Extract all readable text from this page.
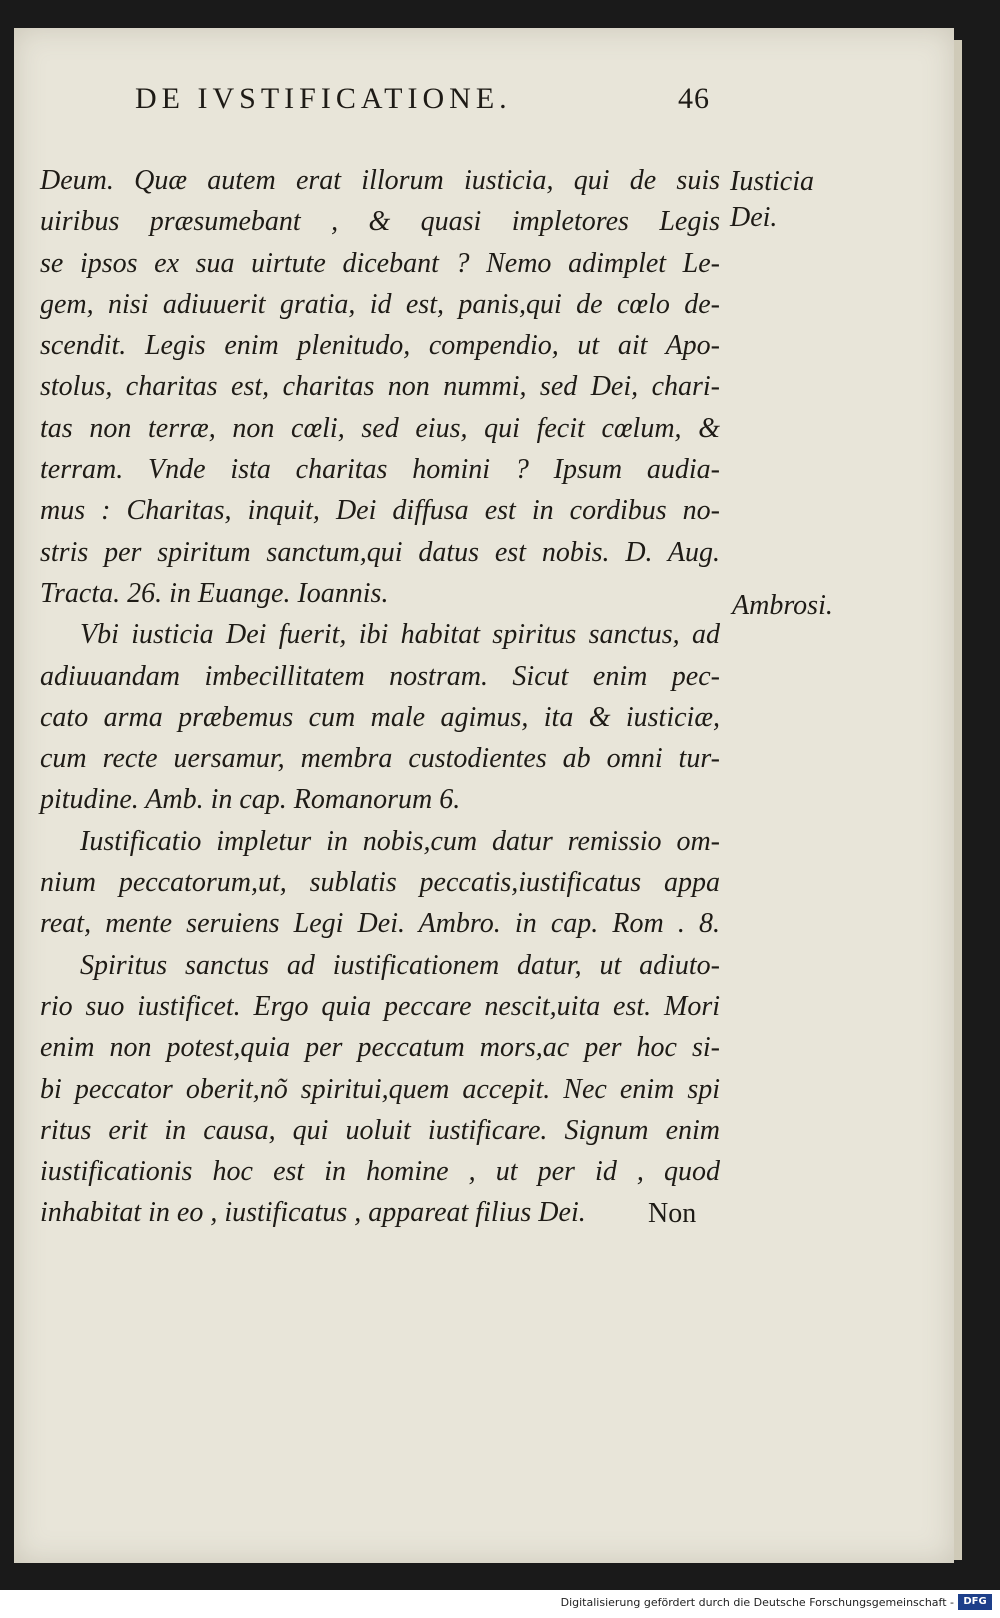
DE IVSTIFICATIONE.	46
Deum. Quæ autem erat illorum iusticia, qui de suis
uiribus præsumebant , & quasi impletores Legis
se ipsos ex sua uirtute dicebant ? Nemo adimplet Le-
gem, nisi adiuuerit gratia, id est, panis,qui de cœlo de-
scendit. Legis enim plenitudo, compendio, ut ait Apo-
stolus, charitas est, charitas non nummi, sed Dei, chari-
tas non terræ, non cœli, sed eius, qui fecit cœlum, &
terram. Vnde ista charitas homini ? Ipsum audia-
mus : Charitas, inquit, Dei diffusa est in cordibus no-
stris per spiritum sanctum,qui datus est nobis. D. Aug.
Tracta. 26. in Euange. Ioannis.
Vbi iusticia Dei fuerit, ibi habitat spiritus sanctus, ad
adiuuandam imbecillitatem nostram. Sicut enim pec-
cato arma præbemus cum male agimus, ita & iusticiæ,
cum recte uersamur, membra custodientes ab omni tur-
pitudine. Amb. in cap. Romanorum 6.
Iustificatio impletur in nobis,cum datur remissio om-
nium peccatorum,ut, sublatis peccatis,iustificatus appa
reat, mente seruiens Legi Dei. Ambro. in cap. Rom . 8.
Spiritus sanctus ad iustificationem datur, ut adiuto-
rio suo iustificet. Ergo quia peccare nescit,uita est. Mori
enim non potest,quia per peccatum mors,ac per hoc si-
bi peccator oberit,nõ spiritui,quem accepit. Nec enim spi
ritus erit in causa, qui uoluit iustificare. Signum enim
iustificationis hoc est in homine , ut per id , quod
inhabitat in eo , iustificatus , appareat filius Dei.
Iusticia
Dei.
Ambrosi.
Non
Digitalisierung gefördert durch die Deutsche Forschungsgemeinschaft - DFG
